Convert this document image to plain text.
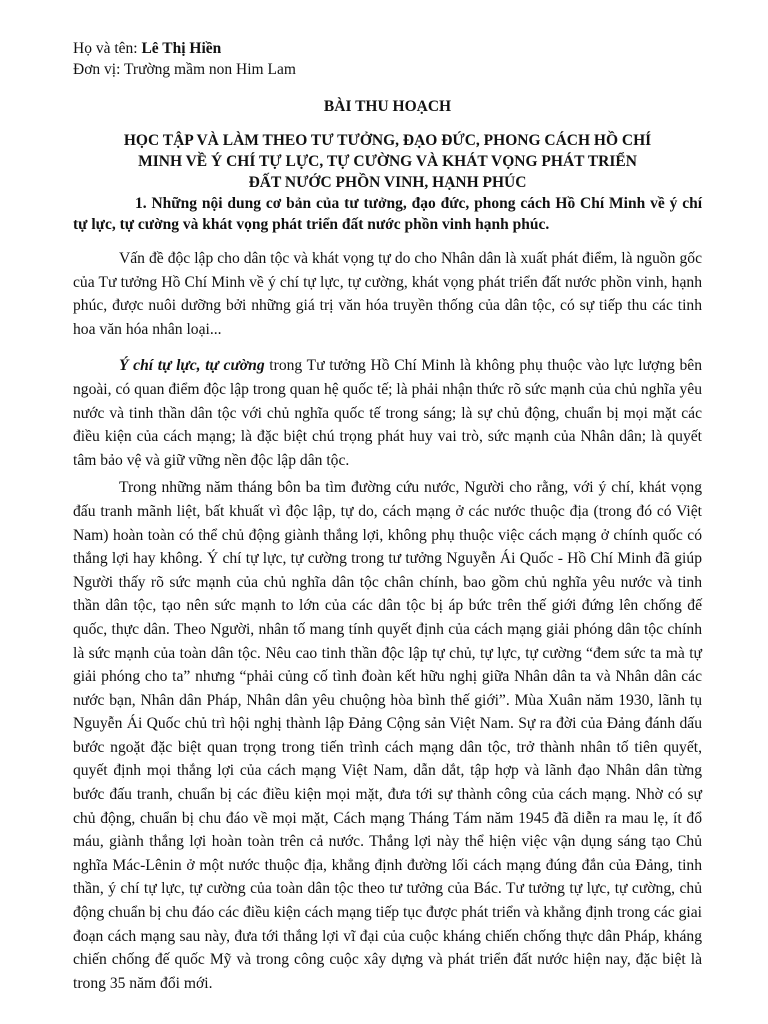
Họ và tên: Lê Thị Hiền
Đơn vị: Trường mầm non Him Lam
BÀI THU HOẠCH
HỌC TẬP VÀ LÀM THEO TƯ TƯỞNG, ĐẠO ĐỨC, PHONG CÁCH HỒ CHÍ
MINH VỀ Ý CHÍ TỰ LỰC, TỰ CƯỜNG VÀ KHÁT VỌNG PHÁT TRIỂN
ĐẤT NƯỚC PHỒN VINH, HẠNH PHÚC
1. Những nội dung cơ bản của tư tưởng, đạo đức, phong cách Hồ Chí Minh về ý chí tự lực, tự cường và khát vọng phát triển đất nước phồn vinh hạnh phúc.

Vấn đề độc lập cho dân tộc và khát vọng tự do cho Nhân dân là xuất phát điểm, là nguồn gốc của Tư tưởng Hồ Chí Minh về ý chí tự lực, tự cường, khát vọng phát triển đất nước phồn vinh, hạnh phúc, được nuôi dưỡng bởi những giá trị văn hóa truyền thống của dân tộc, có sự tiếp thu các tinh hoa văn hóa nhân loại...

Ý chí tự lực, tự cường trong Tư tưởng Hồ Chí Minh là không phụ thuộc vào lực lượng bên ngoài, có quan điểm độc lập trong quan hệ quốc tế; là phải nhận thức rõ sức mạnh của chủ nghĩa yêu nước và tinh thần dân tộc với chủ nghĩa quốc tế trong sáng; là sự chủ động, chuẩn bị mọi mặt các điều kiện của cách mạng; là đặc biệt chú trọng phát huy vai trò, sức mạnh của Nhân dân; là quyết tâm bảo vệ và giữ vững nền độc lập dân tộc.

Trong những năm tháng bôn ba tìm đường cứu nước, Người cho rằng, với ý chí, khát vọng đấu tranh mãnh liệt, bất khuất vì độc lập, tự do, cách mạng ở các nước thuộc địa (trong đó có Việt Nam) hoàn toàn có thể chủ động giành thắng lợi, không phụ thuộc việc cách mạng ở chính quốc có thắng lợi hay không. Ý chí tự lực, tự cường trong tư tưởng Nguyễn Ái Quốc - Hồ Chí Minh đã giúp Người thấy rõ sức mạnh của chủ nghĩa dân tộc chân chính, bao gồm chủ nghĩa yêu nước và tinh thần dân tộc, tạo nên sức mạnh to lớn của các dân tộc bị áp bức trên thế giới đứng lên chống đế quốc, thực dân. Theo Người, nhân tố mang tính quyết định của cách mạng giải phóng dân tộc chính là sức mạnh của toàn dân tộc. Nêu cao tinh thần độc lập tự chủ, tự lực, tự cường “đem sức ta mà tự giải phóng cho ta” nhưng “phải củng cố tình đoàn kết hữu nghị giữa Nhân dân ta và Nhân dân các nước bạn, Nhân dân Pháp, Nhân dân yêu chuộng hòa bình thế giới”. Mùa Xuân năm 1930, lãnh tụ Nguyễn Ái Quốc chủ trì hội nghị thành lập Đảng Cộng sản Việt Nam. Sự ra đời của Đảng đánh dấu bước ngoặt đặc biệt quan trọng trong tiến trình cách mạng dân tộc, trở thành nhân tố tiên quyết, quyết định mọi thắng lợi của cách mạng Việt Nam, dẫn dắt, tập hợp và lãnh đạo Nhân dân từng bước đấu tranh, chuẩn bị các điều kiện mọi mặt, đưa tới sự thành công của cách mạng. Nhờ có sự chủ động, chuẩn bị chu đáo về mọi mặt, Cách mạng Tháng Tám năm 1945 đã diễn ra mau lẹ, ít đổ máu, giành thắng lợi hoàn toàn trên cả nước. Thắng lợi này thể hiện việc vận dụng sáng tạo Chủ nghĩa Mác-Lênin ở một nước thuộc địa, khẳng định đường lối cách mạng đúng đắn của Đảng, tinh thần, ý chí tự lực, tự cường của toàn dân tộc theo tư tưởng của Bác. Tư tưởng tự lực, tự cường, chủ động chuẩn bị chu đáo các điều kiện cách mạng tiếp tục được phát triển và khẳng định trong các giai đoạn cách mạng sau này, đưa tới thắng lợi vĩ đại của cuộc kháng chiến chống thực dân Pháp, kháng chiến chống đế quốc Mỹ và trong công cuộc xây dựng và phát triển đất nước hiện nay, đặc biệt là trong 35 năm đổi mới.
